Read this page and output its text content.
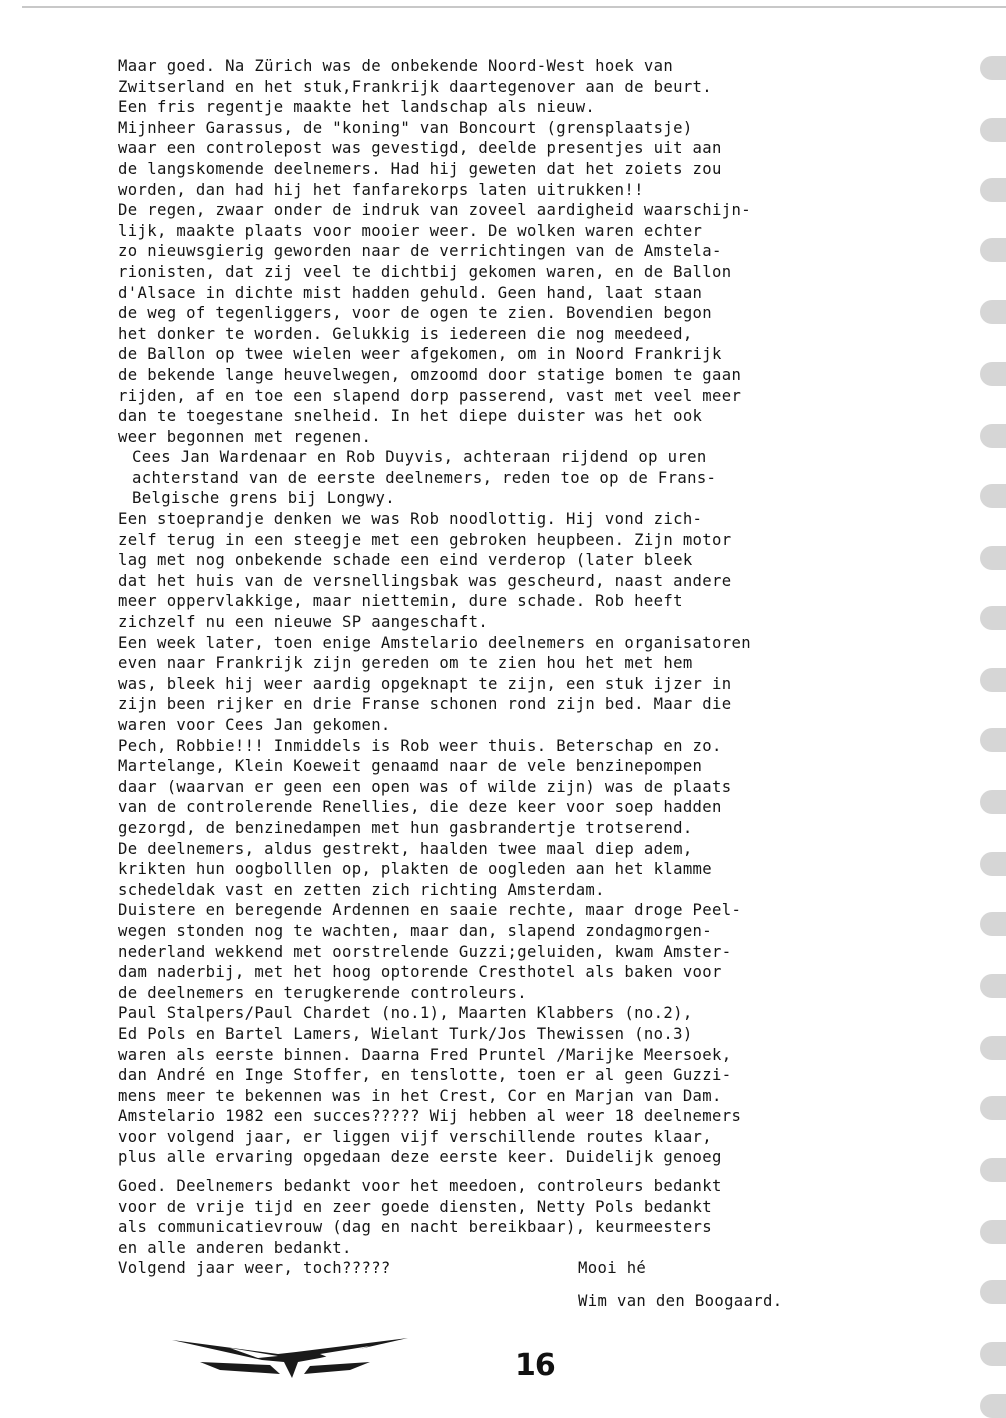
Maar goed. Na Zürich was de onbekende Noord-West hoek van
Zwitserland en het stuk,Frankrijk daartegenover aan de beurt.
Een fris regentje maakte het landschap als nieuw.
Mijnheer Garassus, de "koning" van Boncourt (grensplaatsje)
waar een controlepost was gevestigd, deelde presentjes uit aan
de langskomende deelnemers. Had hij geweten dat het zoiets zou
worden, dan had hij het fanfarekorps laten uitrukken!!
De regen, zwaar onder de indruk van zoveel aardigheid waarschijn-
lijk, maakte plaats voor mooier weer. De wolken waren echter
zo nieuwsgierig geworden naar de verrichtingen van de Amstela-
rionisten, dat zij veel te dichtbij gekomen waren, en de Ballon
d'Alsace in dichte mist hadden gehuld. Geen hand, laat staan
de weg of tegenliggers, voor de ogen te zien. Bovendien begon
het donker te worden. Gelukkig is iedereen die nog meedeed,
de Ballon op twee wielen weer afgekomen, om in Noord Frankrijk
de bekende lange heuvelwegen, omzoomd door statige bomen te gaan
rijden, af en toe een slapend dorp passerend, vast met veel meer
dan te toegestane snelheid. In het diepe duister was het ook
weer begonnen met regenen.
Cees Jan Wardenaar en Rob Duyvis, achteraan rijdend op uren
achterstand van de eerste deelnemers, reden toe op de Frans-
Belgische grens bij Longwy.
Een stoeprandje denken we was Rob noodlottig. Hij vond zich-
zelf terug in een steegje met een gebroken heupbeen. Zijn motor
lag met nog onbekende schade een eind verderop (later bleek
dat het huis van de versnellingsbak was gescheurd, naast andere
meer oppervlakkige, maar niettemin, dure schade. Rob heeft
zichzelf nu een nieuwe SP aangeschaft.
Een week later, toen enige Amstelario deelnemers en organisatoren
even naar Frankrijk zijn gereden om te zien hou het met hem
was, bleek hij weer aardig opgeknapt te zijn, een stuk ijzer in
zijn been rijker en drie Franse schonen rond zijn bed. Maar die
waren voor Cees Jan gekomen.
Pech, Robbie!!! Inmiddels is Rob weer thuis. Beterschap en zo.
Martelange, Klein Koeweit genaamd naar de vele benzinepompen
daar (waarvan er geen een open was of wilde zijn) was de plaats
van de controlerende Renellies, die deze keer voor soep hadden
gezorgd, de benzinedampen met hun gasbrandertje trotserend.
De deelnemers, aldus gestrekt, haalden twee maal diep adem,
krikten hun oogbolllen op, plakten de oogleden aan het klamme
schedeldak vast en zetten zich richting Amsterdam.
Duistere en beregende Ardennen en saaie rechte, maar droge Peel-
wegen stonden nog te wachten, maar dan, slapend zondagmorgen-
nederland wekkend met oorstrelende Guzzi;geluiden, kwam Amster-
dam naderbij, met het hoog optorende Cresthotel als baken voor
de deelnemers en terugkerende controleurs.
Paul Stalpers/Paul Chardet (no.1), Maarten Klabbers (no.2),
Ed Pols en Bartel Lamers, Wielant Turk/Jos Thewissen (no.3)
waren als eerste binnen. Daarna Fred Pruntel /Marijke Meersoek,
dan André en Inge Stoffer, en tenslotte, toen er al geen Guzzi-
mens meer te bekennen was in het Crest, Cor en Marjan van Dam.
Amstelario 1982 een succes????? Wij hebben al weer 18 deelnemers
voor volgend jaar, er liggen vijf verschillende routes klaar,
plus alle ervaring opgedaan deze eerste keer. Duidelijk genoeg
Goed. Deelnemers bedankt voor het meedoen, controleurs bedankt
voor de vrije tijd en zeer goede diensten, Netty Pols bedankt
als communicatievrouw (dag en nacht bereikbaar), keurmeesters
en alle anderen bedankt.
Volgend jaar weer, toch?????	Mooi hé
Wim van den Boogaard.
16
